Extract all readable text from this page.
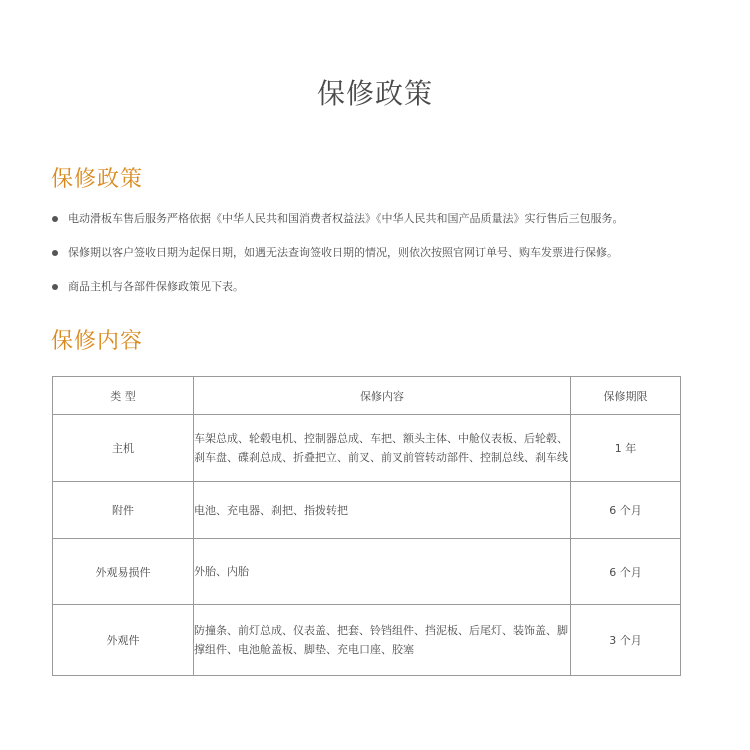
保修政策
保修政策
电动滑板车售后服务严格依据《中华人民共和国消费者权益法》《中华人民共和国产品质量法》实行售后三包服务。
保修期以客户签收日期为起保日期，如遇无法查询签收日期的情况，则依次按照官网订单号、购车发票进行保修。
商品主机与各部件保修政策见下表。
保修内容
类 型	保修内容	保修期限
主机	车架总成、轮毂电机、控制器总成、车把、额头主体、中舱仪表板、后轮毂、刹车盘、碟刹总成、折叠把立、前叉、前叉前管转动部件、控制总线、刹车线	1 年
附件	电池、充电器、刹把、指拨转把	6 个月
外观易损件	外胎、内胎	6 个月
外观件	防撞条、前灯总成、仪表盖、把套、铃铛组件、挡泥板、后尾灯、装饰盖、脚撑组件、电池舱盖板、脚垫、充电口座、胶塞	3 个月
